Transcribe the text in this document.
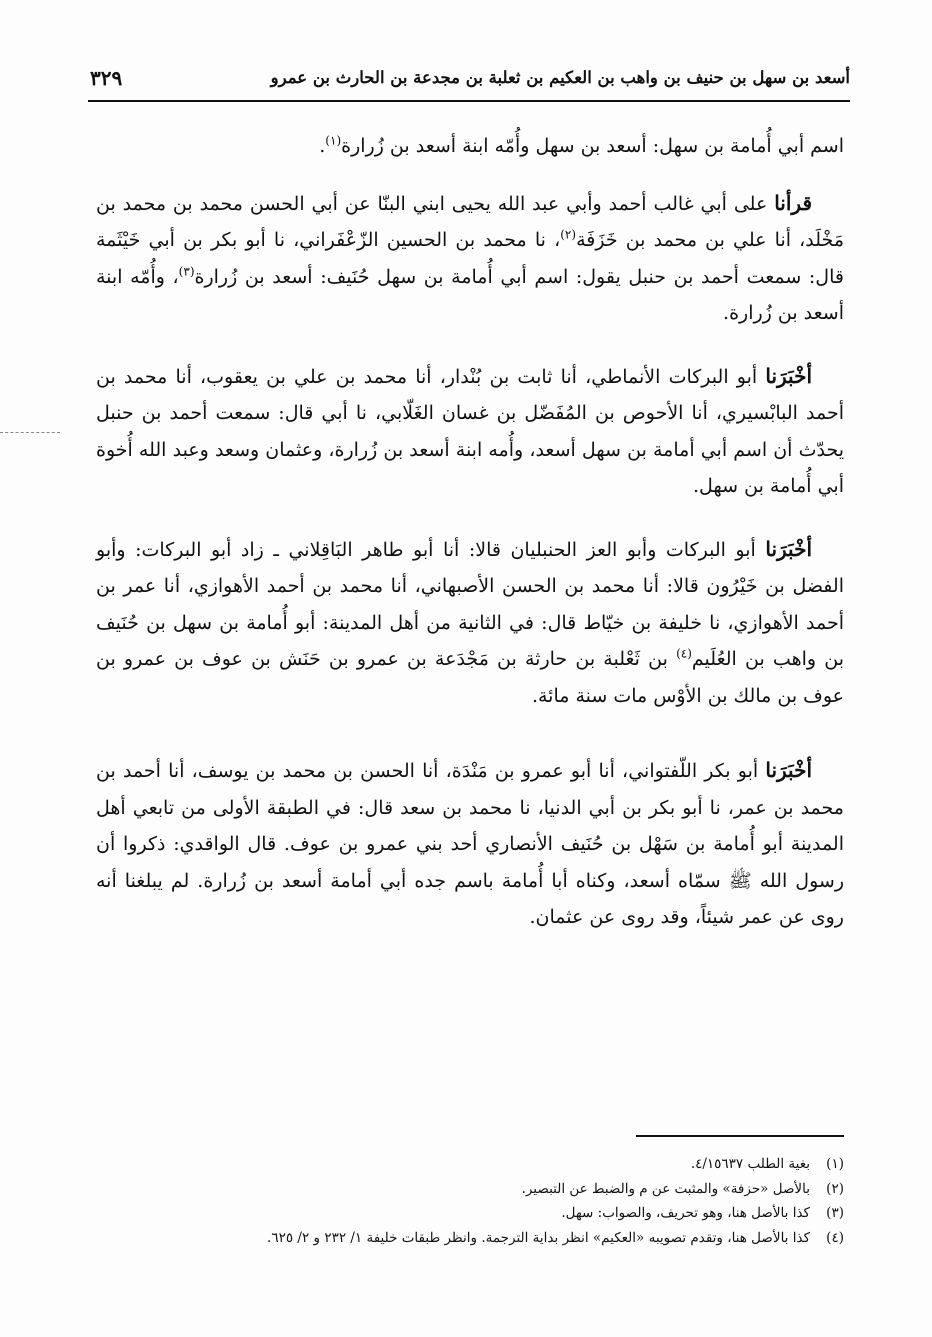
أسعد بن سهل بن حنيف بن واهب بن العكيم بن ثعلبة بن مجدعة بن الحارث بن عمرو
٣٢٩

اسم أبي أُمامة بن سهل: أسعد بن سهل وأُمّه ابنة أسعد بن زُرارة$^{(١)}$.

قرأنا على أبي غالب أحمد وأبي عبد الله يحيى ابني البنّا عن أبي الحسن محمد بن محمد بن مَخْلَد، أنا علي بن محمد بن خَزَفَة$^{(٢)}$، نا محمد بن الحسين الزّعْفَراني، نا أبو بكر بن أبي خَيْثَمة قال: سمعت أحمد بن حنبل يقول: اسم أبي أُمامة بن سهل حُنَيف: أسعد بن زُرارة$^{(٣)}$، وأُمّه ابنة أسعد بن زُرارة.

أخْبَرَنا أبو البركات الأنماطي، أنا ثابت بن بُنْدار، أنا محمد بن علي بن يعقوب، أنا محمد بن أحمد البابْسيري، أنا الأحوص بن المُفَضّل بن غسان الغَلّابي، نا أبي قال: سمعت أحمد بن حنبل يحدّث أن اسم أبي أمامة بن سهل أسعد، وأُمه ابنة أسعد بن زُرارة، وعثمان وسعد وعبد الله أُخوة أبي أُمامة بن سهل.

أخْبَرَنا أبو البركات وأبو العز الحنبليان قالا: أنا أبو طاهر البَاقِلاني ـ زاد أبو البركات: وأبو الفضل بن خَيْرُون قالا: أنا محمد بن الحسن الأصبهاني، أنا محمد بن أحمد الأهوازي، أنا عمر بن أحمد الأهوازي، نا خليفة بن خيّاط قال: في الثانية من أهل المدينة: أبو أُمامة بن سهل بن حُنَيف بن واهب بن العُلَيم$^{(٤)}$ بن ثَعْلبة بن حارثة بن مَجْدَعة بن عمرو بن حَنَش بن عوف بن عمرو بن عوف بن مالك بن الأوْس مات سنة مائة.

أخْبَرَنا أبو بكر اللّفتواني، أنا أبو عمرو بن مَنْدَة، أنا الحسن بن محمد بن يوسف، أنا أحمد بن محمد بن عمر، نا أبو بكر بن أبي الدنيا، نا محمد بن سعد قال: في الطبقة الأولى من تابعي أهل المدينة أبو أُمامة بن سَهْل بن حُنَيف الأنصاري أحد بني عمرو بن عوف. قال الواقدي: ذكروا أن رسول الله ﷺ سمّاه أسعد، وكناه أبا أُمامة باسم جده أبي أمامة أسعد بن زُرارة. لم يبلغنا أنه روى عن عمر شيئاً، وقد روى عن عثمان.

(١)بغية الطلب ٤/١٥٦٣٧.
(٢)بالأصل «حزفة» والمثبت عن م والضبط عن التبصير.
(٣)كذا بالأصل هنا، وهو تحريف، والصواب: سهل.
(٤)كذا بالأصل هنا، وتقدم تصويبه «العكيم» انظر بداية الترجمة. وانظر طبقات خليفة ١/ ٢٣٢ و ٢/ ٦٢٥.
